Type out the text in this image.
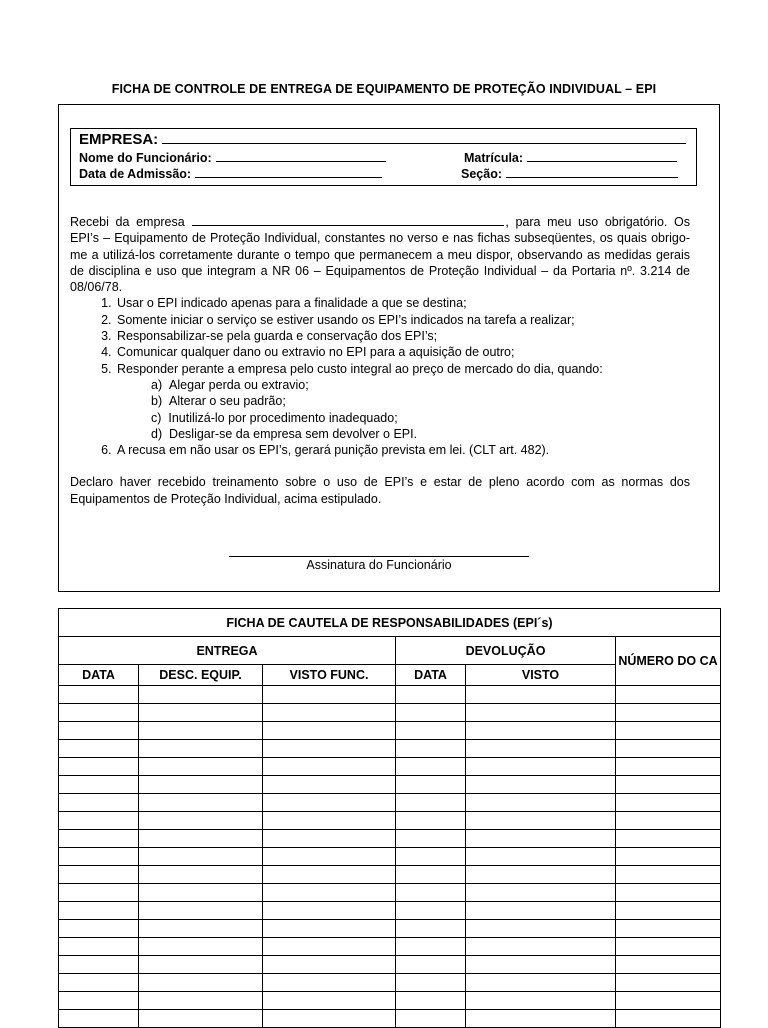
FICHA DE CONTROLE DE ENTREGA DE EQUIPAMENTO DE PROTEÇÃO INDIVIDUAL – EPI
EMPRESA:
Nome do Funcionário:	Matrícula:
Data de Admissão:	Seção:

Recebi da empresa	, para meu uso obrigatório. Os EPI’s – Equipamento de Proteção Individual, constantes no verso e nas fichas subseqüentes, os quais obrigo-me a utilizá-los corretamente durante o tempo que permanecem a meu dispor, observando as medidas gerais de disciplina e uso que integram a NR 06 – Equipamentos de Proteção Individual – da Portaria nº. 3.214 de 08/06/78.

1. Usar o EPI indicado apenas para a finalidade a que se destina;
2. Somente iniciar o serviço se estiver usando os EPI’s indicados na tarefa a realizar;
3. Responsabilizar-se pela guarda e conservação dos EPI’s;
4. Comunicar qualquer dano ou extravio no EPI para a aquisição de outro;
5. Responder perante a empresa pelo custo integral ao preço de mercado do dia, quando:
a)  Alegar perda ou extravio;
b)  Alterar o seu padrão;
c)  Inutilizá-lo por procedimento inadequado;
d)  Desligar-se da empresa sem devolver o EPI.
6. A recusa em não usar os EPI’s, gerará punição prevista em lei. (CLT art. 482).

Declaro haver recebido treinamento sobre o uso de EPI’s e estar de pleno acordo com as normas dos Equipamentos de Proteção Individual, acima estipulado.

Assinatura do Funcionário
FICHA DE CAUTELA DE RESPONSABILIDADES (EPI´s)					
ENTREGA			DEVOLUÇÃO		NÚMERO DO CA
DATA	DESC. EQUIP.	VISTO FUNC.	DATA	VISTO	
